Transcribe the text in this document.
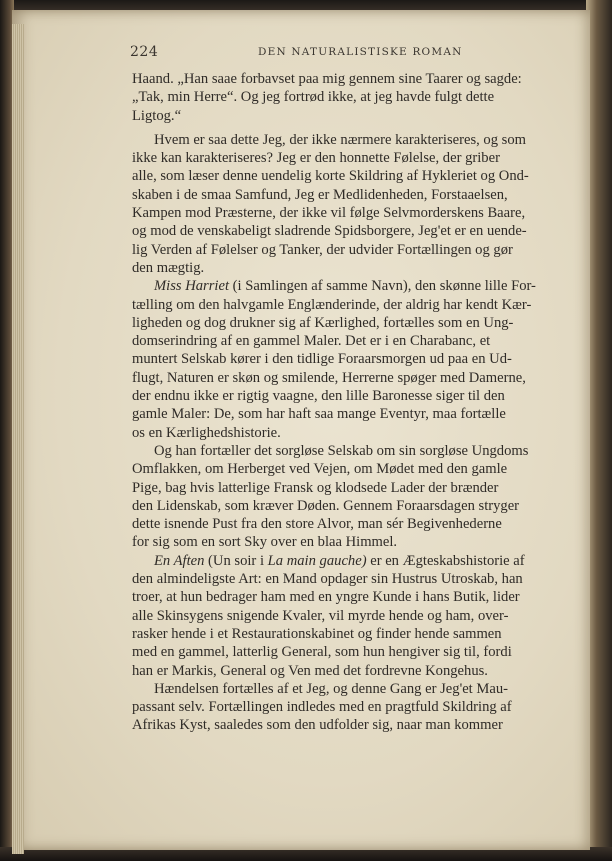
224	DEN NATURALISTISKE ROMAN
Haand. „Han saae forbavset paa mig gennem sine Taarer og sagde:
„Tak, min Herre“. Og jeg fortrød ikke, at jeg havde fulgt dette
Ligtog.“
Hvem er saa dette Jeg, der ikke nærmere karakteriseres, og som
ikke kan karakteriseres? Jeg er den honnette Følelse, der griber
alle, som læser denne uendelig korte Skildring af Hykleriet og Ond-
skaben i de smaa Samfund, Jeg er Medlidenheden, Forstaaelsen,
Kampen mod Præsterne, der ikke vil følge Selvmorderskens Baare,
og mod de venskabeligt sladrende Spidsborgere, Jeg'et er en uende-
lig Verden af Følelser og Tanker, der udvider Fortællingen og gør
den mægtig.
Miss Harriet (i Samlingen af samme Navn), den skønne lille For-
tælling om den halvgamle Englænderinde, der aldrig har kendt Kær-
ligheden og dog drukner sig af Kærlighed, fortælles som en Ung-
domserindring af en gammel Maler. Det er i en Charabanc, et
muntert Selskab kører i den tidlige Foraarsmorgen ud paa en Ud-
flugt, Naturen er skøn og smilende, Herrerne spøger med Damerne,
der endnu ikke er rigtig vaagne, den lille Baronesse siger til den
gamle Maler: De, som har haft saa mange Eventyr, maa fortælle
os en Kærlighedshistorie.
Og han fortæller det sorgløse Selskab om sin sorgløse Ungdoms
Omflakken, om Herberget ved Vejen, om Mødet med den gamle
Pige, bag hvis latterlige Fransk og klodsede Lader der brænder
den Lidenskab, som kræver Døden. Gennem Foraarsdagen stryger
dette isnende Pust fra den store Alvor, man sér Begivenhederne
for sig som en sort Sky over en blaa Himmel.
En Aften (Un soir i La main gauche) er en Ægteskabshistorie af
den almindeligste Art: en Mand opdager sin Hustrus Utroskab, han
troer, at hun bedrager ham med en yngre Kunde i hans Butik, lider
alle Skinsygens snigende Kvaler, vil myrde hende og ham, over-
rasker hende i et Restaurationskabinet og finder hende sammen
med en gammel, latterlig General, som hun hengiver sig til, fordi
han er Markis, General og Ven med det fordrevne Kongehus.
Hændelsen fortælles af et Jeg, og denne Gang er Jeg'et Mau-
passant selv. Fortællingen indledes med en pragtfuld Skildring af
Afrikas Kyst, saaledes som den udfolder sig, naar man kommer
